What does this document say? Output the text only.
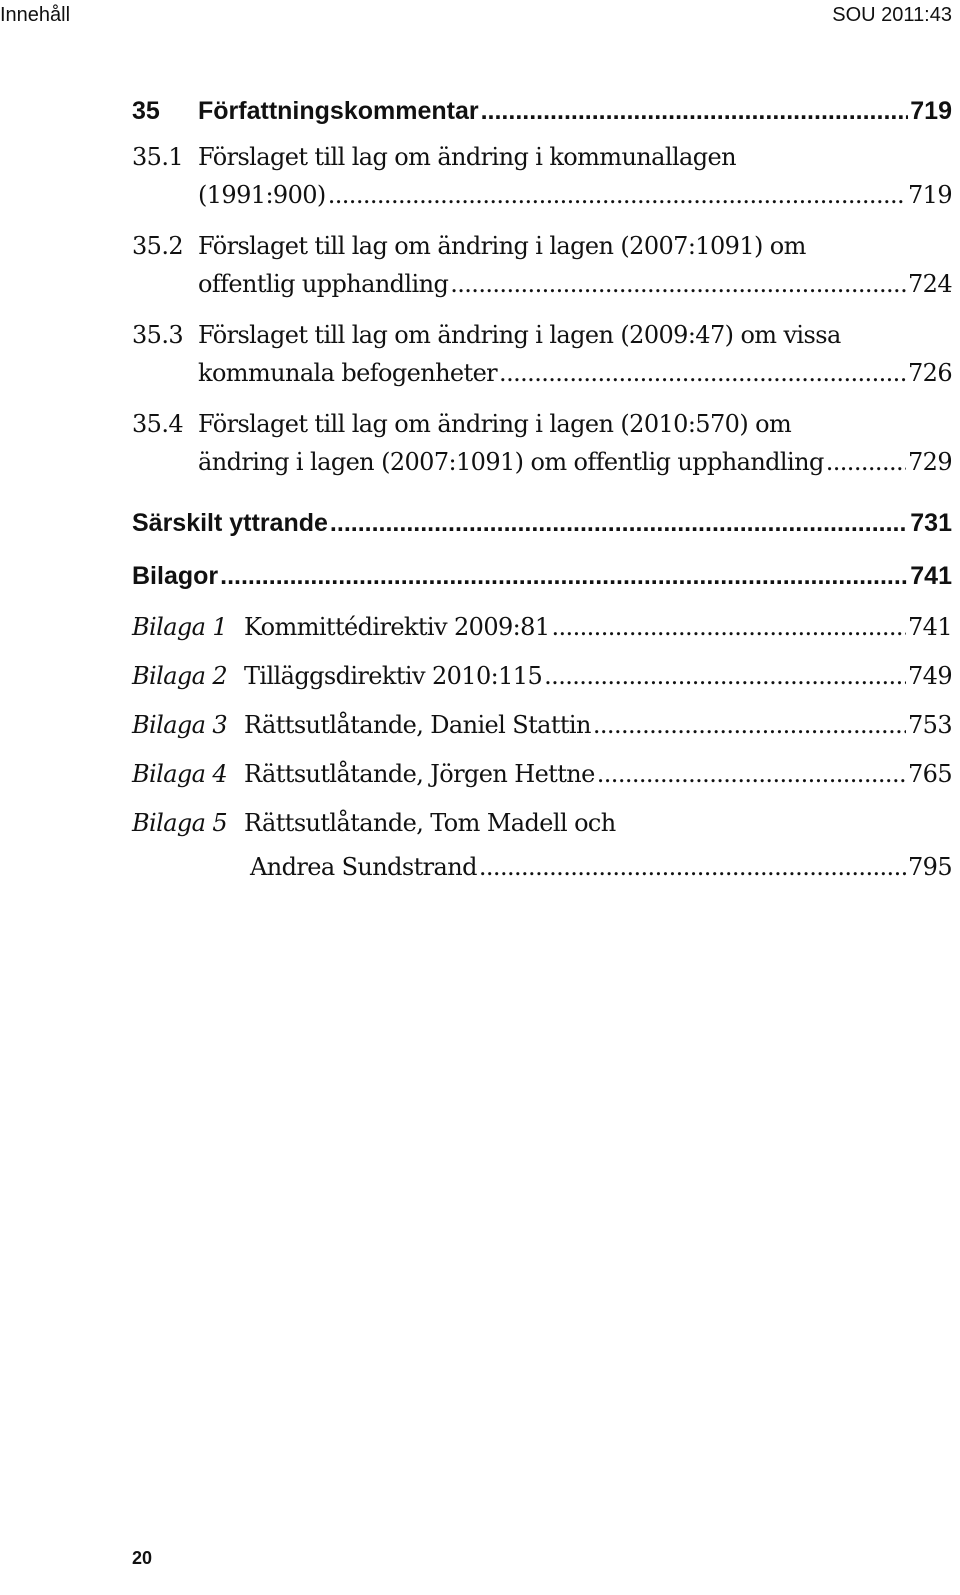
Innehåll	SOU 2011:43
35	Författningskommentar .....	719
35.1 Förslaget till lag om ändring i kommunallagen
(1991:900) .....	719
35.2 Förslaget till lag om ändring i lagen (2007:1091) om
offentlig upphandling .....	724
35.3 Förslaget till lag om ändring i lagen (2009:47) om vissa
kommunala befogenheter .....	726
35.4 Förslaget till lag om ändring i lagen (2010:570) om
ändring i lagen (2007:1091) om offentlig upphandling .....	729
Särskilt yttrande .....	731
Bilagor .....	741
Bilaga 1 Kommittédirektiv 2009:81 .....	741
Bilaga 2 Tilläggsdirektiv 2010:115 .....	749
Bilaga 3 Rättsutlåtande, Daniel Stattin .....	753
Bilaga 4 Rättsutlåtande, Jörgen Hettne .....	765
Bilaga 5 Rättsutlåtande, Tom Madell och
Andrea Sundstrand .....	795
20
